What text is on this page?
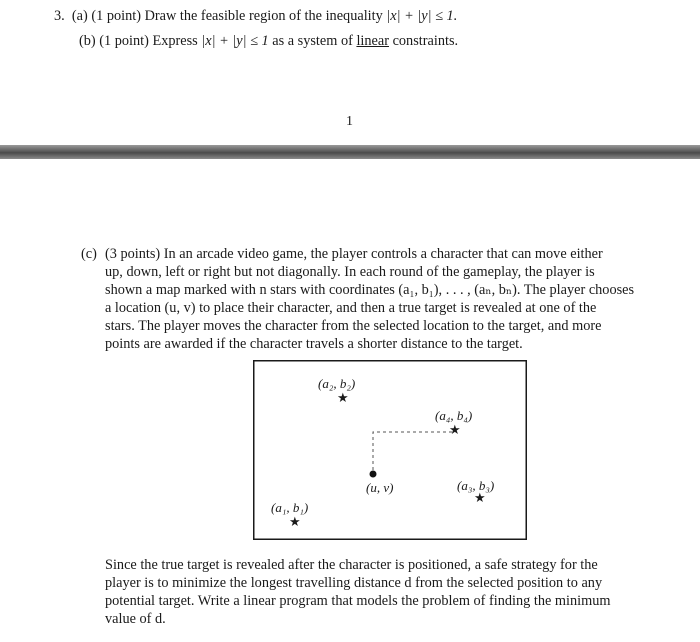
3. (a) (1 point) Draw the feasible region of the inequality |x| + |y| ≤ 1.
(b) (1 point) Express |x| + |y| ≤ 1 as a system of linear constraints.
1
(c) (3 points) In an arcade video game, the player controls a character that can move either
up, down, left or right but not diagonally. In each round of the gameplay, the player is
shown a map marked with n stars with coordinates (a₁, b₁), . . . , (aₙ, bₙ). The player chooses
a location (u, v) to place their character, and then a true target is revealed at one of the
stars. The player moves the character from the selected location to the target, and more
points are awarded if the character travels a shorter distance to the target.
(a₂, b₂)
★
(a₄, b₄)
★
(u, v)	(a₃, b₃)
★
(a₁, b₁)
★
Since the true target is revealed after the character is positioned, a safe strategy for the
player is to minimize the longest travelling distance d from the selected position to any
potential target. Write a linear program that models the problem of finding the minimum
value of d.
